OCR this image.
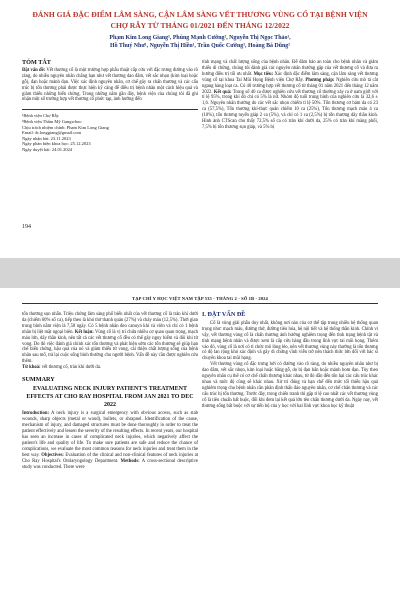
ĐÁNH GIÁ ĐẶC ĐIỂM LÂM SÀNG, CẬN LÂM SÀNG VẾT THƯƠNG VÙNG CỔ TẠI BỆNH VIỆN CHỢ RẪY TỪ THÁNG 01/2021 ĐẾN THÁNG 12/2022
Phạm Kim Long Giang¹, Phùng Mạnh Cường², Nguyễn Thị Ngọc Thảo¹,
Hồ Thuý Như¹, Nguyễn Thị Hiền¹, Trần Quốc Cường¹, Hoàng Bá Dũng¹
TÓM TẮT

Đặt vấn đề: Vết thương cổ là một trường hợp phẫu thuật cấp cứu với đặc trưng đường vào rõ ràng, do nhiều nguyên nhân chẳng hạn như vết thương dao đâm, vết sắc nhọn (kim loại hoặc gỗ), đạn hoặc mảnh đạn. Việc xác định nguyên nhân, cơ chế gây ra chấn thương và các cấu trúc bị tổn thương phải được thực hiện kỹ càng để điều trị bệnh nhân một cách hiệu quả và giảm thiểu những biến chứng. Trong những năm gần đây, bệnh viện của chúng tôi đã ghi nhận một số trường hợp vết thương cổ phức tạp, ảnh hưởng đến

¹Bệnh viện Chợ Rẫy
²Bệnh viện Thẩm Mỹ Gangwhoo
Chịu trách nhiệm chính: Phạm Kim Long Giang
Email: dr.longgiang@gmail.com
Ngày nhận bài: 23.11.2023
Ngày phản biện khoa học: 25.12.2023
Ngày duyệt bài: 24.01.2024

tính mạng và chất lượng sống của bệnh nhân. Để đảm bảo an toàn cho bệnh nhân và giảm thiểu di chứng, chúng tôi đánh giá các nguyên nhân thường gặp của vết thương cổ và đưa ra hướng điều trị tối ưu nhất. Mục tiêu: Xác định đặc điểm lâm sàng, cận lâm sàng vết thương vùng cổ tại khoa Tai Mũi Họng Bệnh viện Chợ Rẫy. Phương pháp: Nghiên cứu mô tả cắt ngang hàng loạt ca. Có 40 trường hợp vết thương cổ từ tháng 01 năm 2021 đến tháng 12 năm 2022. Kết quả: Trong số 40 ca được nghiên cứu vết thương cổ thường xảy ra ở nam giới với tỉ lệ 95%, trong khi đó chỉ có 5% là nữ. Nhóm độ tuổi trung bình của nghiên cứu là 32,6 ± 1,6. Nguyên nhân thường do các vết sắc nhọn chiếm tỉ lệ 50%. Tổn thương cơ bám da có 23 ca (57,5%), Tổn thương khí-thực quản chiếm 10 ca (25%), Tổn thương mạch máu 4 ca (10%), tổn thương tuyến giáp 2 ca (5%), và chỉ có 1 ca (2,5%) bị tổn thương dây thần kinh. Hình ảnh CTScan cho thấy 72,5% số ca có tràn khí dưới da, 25% có tràn khí màng phổi, 7,5% bị tổn thương sụn giáp, và 5% bị

194
TẠP CHÍ Y HỌC VIỆT NAM TẬP 535 - THÁNG 2 - SỐ 1B - 2024

tổn thương sụn nhẫn. Triệu chứng lâm sàng phổ biến nhất của vết thương cổ là tràn khí dưới da (chiếm 60% số ca), tiếp theo là khó thở thanh quản (27%) và chảy máu (12,5%). Thời gian trung bình nằm viện là 7,58 ngày. Có 5 bệnh nhân đeo canuyn khí và viên và chỉ có 1 bệnh nhân bị liệt mặt ngoại biên. Kết luận: Vùng cổ là vị trí chứa nhiều cơ quan quan trọng, mạch máu lớn, dây thần kinh, nên tất cả các vết thương cổ đều có thể gây nguy hiểm và đôi khi tử vong. Do đó việc đánh giá chính xác tổn thương và phát hiện sớm các tổn thương sẽ giúp hạn chế biến chứng, hậu quả của nó và giảm thiểu tử vong, cải thiện chất lượng sống của bệnh nhân sau mổ, trả lại cuộc sống bình thường cho người bệnh. Vấn đề này cần được nghiên cứu thêm.

Từ khoá: vết thương cổ, tràn khí dưới da.

SUMMARY
EVALUATING NECK INJURY PATIENT'S TREATMENT EFFECTS AT CHO RAY HOSPITAL FROM JAN 2021 TO DEC 2022

Introduction: A neck injury is a surgical emergency with obvious access, such as stab wounds, sharp objects (metal or wood), bullets, or shrapnel. Identification of the cause, mechanism of injury, and damaged structures must be done thoroughly in order to treat the patient effectively and lessen the severity of the resulting effects. In recent years, our hospital has seen an increase in cases of complicated neck injuries, which negatively affect the patient's life and quality of life. To make sure patients are safe and reduce the chance of complications, we evaluate the most common reasons for neck injuries and treat them in the best way. Objectives: Evaluation of the clinical and non-clinical features of neck injuries at Cho Ray Hospital's Otolaryngology Department. Methods: A cross-sectional descriptive study was conducted. There were

I. ĐẶT VẤN ĐỀ

Cổ là vùng giải phẫu duy nhất, không nơi nào của cơ thể tập trung nhiều hệ thống quan trọng như: mạch máu, đường thở, đường tiêu hóa, hệ nội tiết và hệ thống thần kinh. Chính vì vậy, vết thương vùng cổ là chấn thương ảnh hưởng nghiêm trọng đến tình trạng bệnh tật và tính mạng bệnh nhân và được xem là cấp cứu hàng đầu trong lĩnh vực tai mũi họng. Thêm vào đó, vùng cổ là nơi có tỉ chức mô lỏng lẻo, nên vết thương vùng này thường là tổn thương có độ lan rộng khó xác định và gây di chứng vĩnh viễn trở nên thách thức lớn đối với bác sĩ chuyên khoa tai mũi họng.

Vết thương vùng cổ đặc trưng bởi có đường vào rõ ràng, do nhiều nguyên nhân như bị dao đâm, vết sắc nhọn, kim loại hoặc bằng gỗ, do bị đạn bắn hoặc mảnh bom đạn. Tùy theo nguyên nhân cụ thể có cơ chế chấn thương khác nhau, từ đó dẫn đến tổn hại các cấu trúc khác nhau và mức độ cũng sẽ khác nhau. Xử trí đúng và hạn chế đến mức tối thiểu hậu quả nghiêm trọng cho bệnh nhân cần phân định thấu đáo nguyên nhân, cơ chế chấn thương và các cấu trúc bị tổn thương. Trước đây, trong chiến tranh thì gặp tỉ lệ cao nhất các vết thương vùng cổ là tiêu chuẩn bất buộc, đối khi đem lại kết quả lớn tên chấn thương dưới da. Ngày nay, vết thương sống bất buộc với sự tiến bộ của y học với hai lĩnh vực khoa học kỹ thuật
